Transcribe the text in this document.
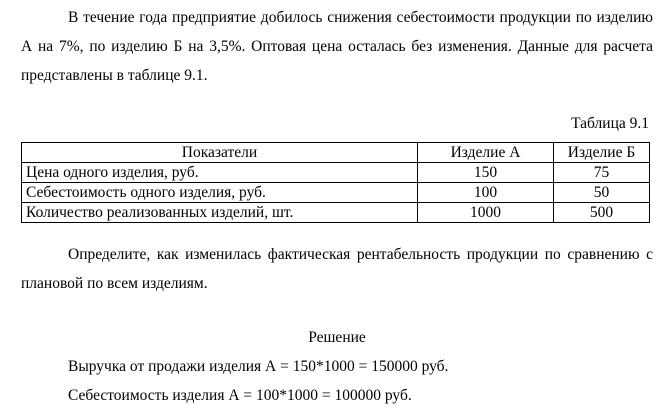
В течение года предприятие добилось снижения себестоимости продукции по изделию А на 7%, по изделию Б на 3,5%. Оптовая цена осталась без изменения. Данные для расчета представлены в таблице 9.1.

Таблица 9.1
Показатели	Изделие А	Изделие Б
Цена одного изделия, руб.	150	75
Себестоимость одного изделия, руб.	100	50
Количество реализованных изделий, шт.	1000	500

Определите, как изменилась фактическая рентабельность продукции по сравнению с плановой по всем изделиям.

Решение
Выручка от продажи изделия А = 150*1000 = 150000 руб.
Себестоимость изделия А = 100*1000 = 100000 руб.
